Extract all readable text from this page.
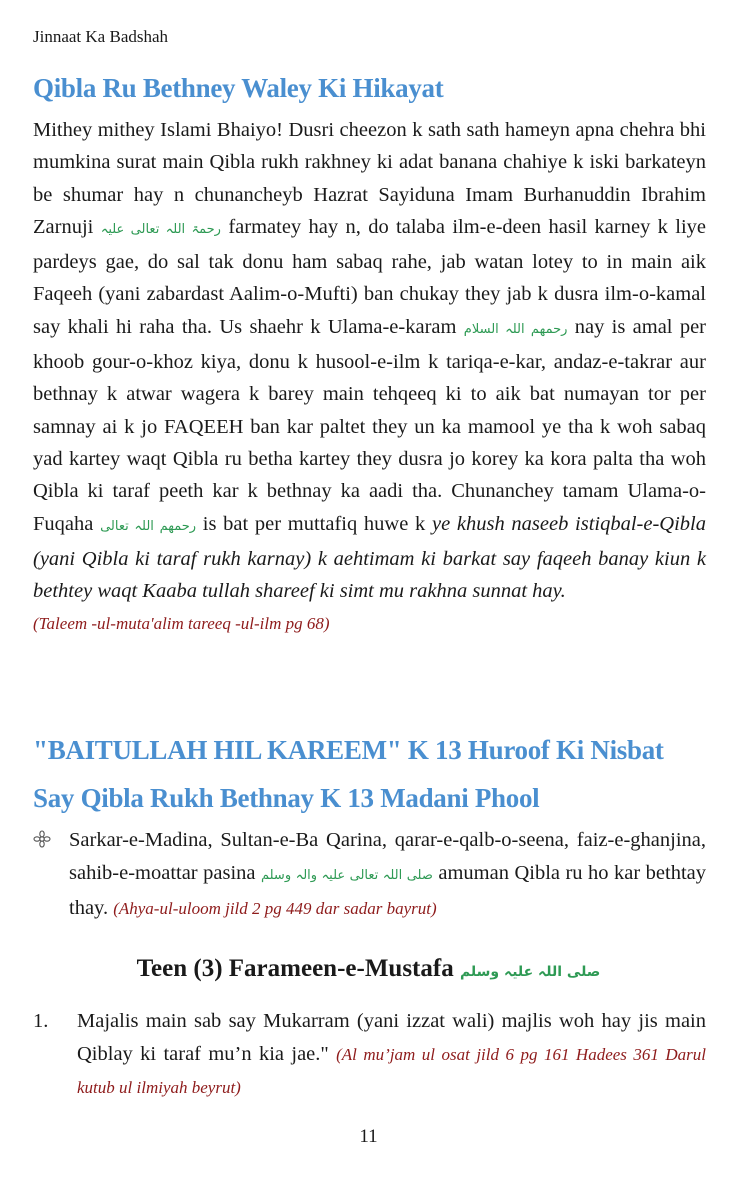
Jinnaat Ka Badshah
Qibla Ru Bethney Waley Ki Hikayat

Mithey mithey Islami Bhaiyo! Dusri cheezon k sath sath hameyn apna chehra bhi mumkina surat main Qibla rukh rakhney ki adat banana chahiye k iski barkateyn be shumar hay n chunancheyb Hazrat Sayiduna Imam Burhanuddin Ibrahim Zarnuji رحمۃ اللہ تعالی علیہ farmatey hay n, do talaba ilm-e-deen hasil karney k liye pardeys gae, do sal tak donu ham sabaq rahe, jab watan lotey to in main aik Faqeeh (yani zabardast Aalim-o-Mufti) ban chukay they jab k dusra ilm-o-kamal say khali hi raha tha. Us shaehr k Ulama-e-karam رحمھم اللہ السلام nay is amal per khoob gour-o-khoz kiya, donu k husool-e-ilm k tariqa-e-kar, andaz-e-takrar aur bethnay k atwar wagera k barey main tehqeeq ki to aik bat numayan tor per samnay ai k jo FAQEEH ban kar paltet they un ka mamool ye tha k woh sabaq yad kartey waqt Qibla ru betha kartey they dusra jo korey ka kora palta tha woh Qibla ki taraf peeth kar k bethnay ka aadi tha. Chunanchey tamam Ulama-o-Fuqaha رحمھم اللہ تعالی is bat per muttafiq huwe k ye khush naseeb istiqbal-e-Qibla (yani Qibla ki taraf rukh karnay) k aehtimam ki barkat say faqeeh banay kiun k bethtey waqt Kaaba tullah shareef ki simt mu rakhna sunnat hay.
(Taleem -ul-muta'alim tareeq -ul-ilm pg 68)

"BAITULLAH HIL KAREEM" K 13 Huroof Ki Nisbat
Say Qibla Rukh Bethnay K 13 Madani Phool
Sarkar-e-Madina, Sultan-e-Ba Qarina, qarar-e-qalb-o-seena, faiz-e-ghanjina, sahib-e-moattar pasina صلی اللہ تعالی علیہ والہ وسلم amuman Qibla ru ho kar bethtay thay. (Ahya-ul-uloom jild 2 pg 449 dar sadar bayrut)
Teen (3) Farameen-e-Mustafa صلی اللہ علیہ وسلم
1. Majalis main sab say Mukarram (yani izzat wali) majlis woh hay jis main Qiblay ki taraf mu’n kia jae." (Al mu’jam ul osat jild 6 pg 161 Hadees 361 Darul kutub ul ilmiyah beyrut)
11
